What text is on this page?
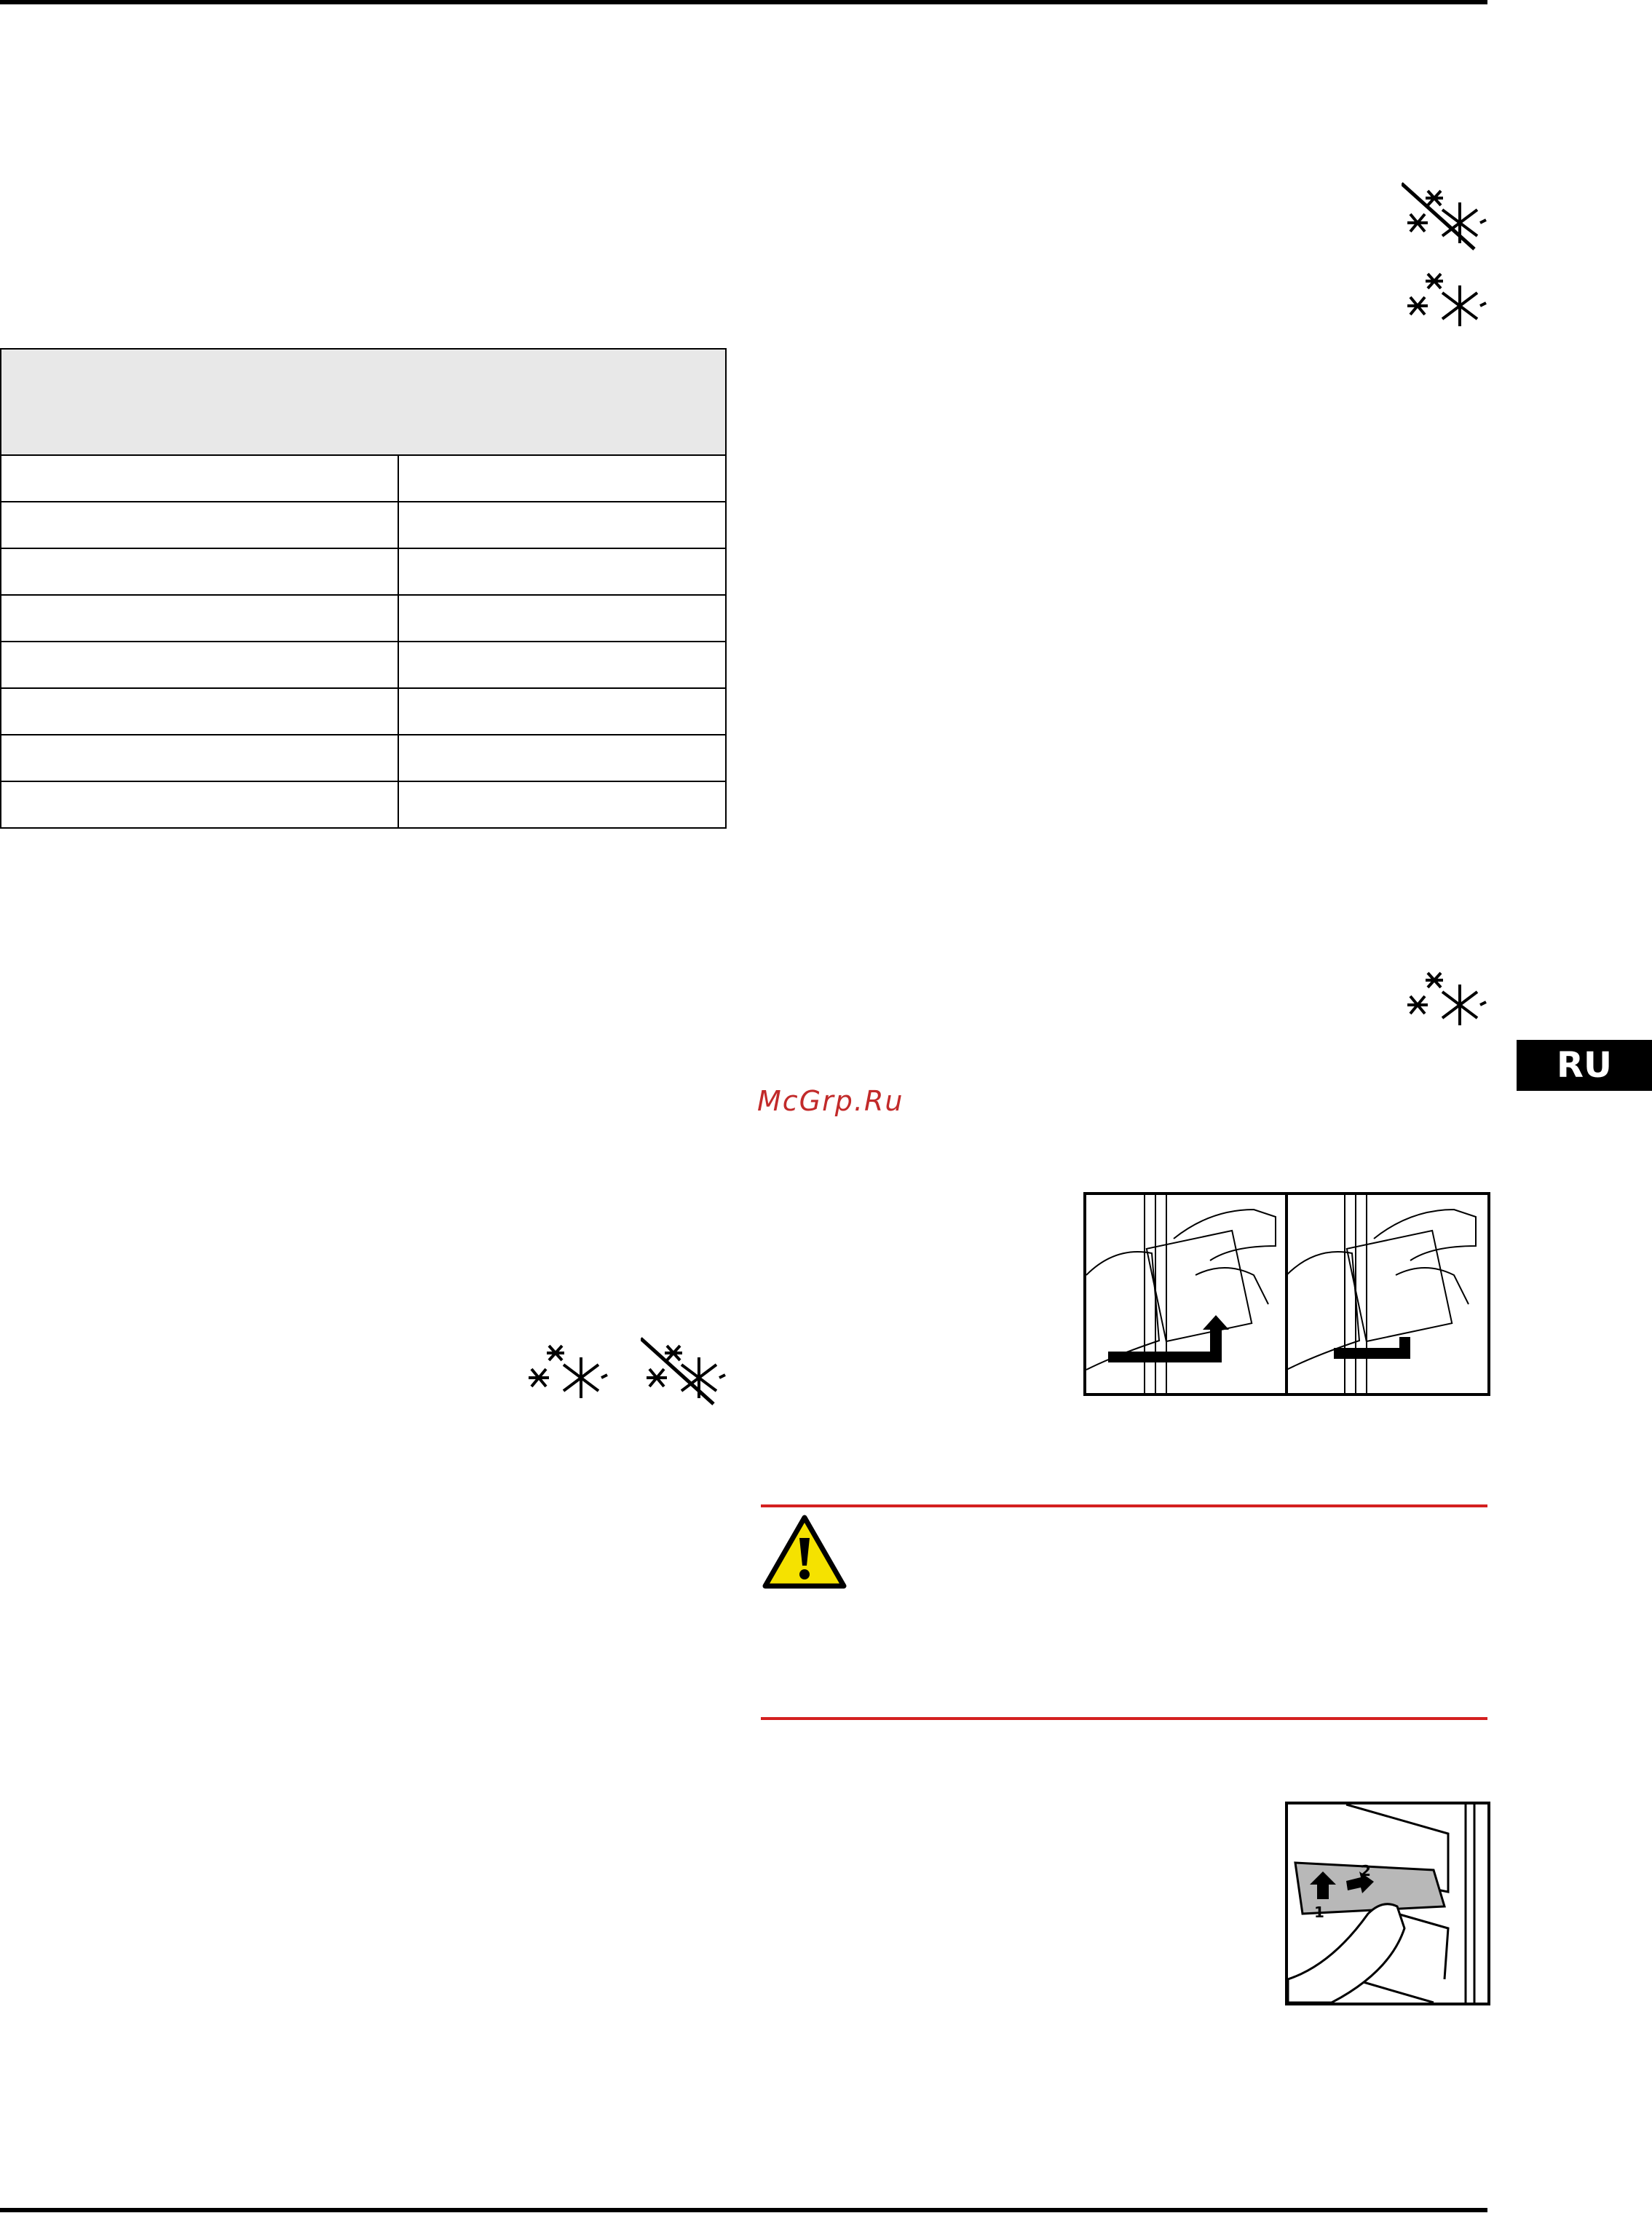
RU
McGrp.Ru
1
2
